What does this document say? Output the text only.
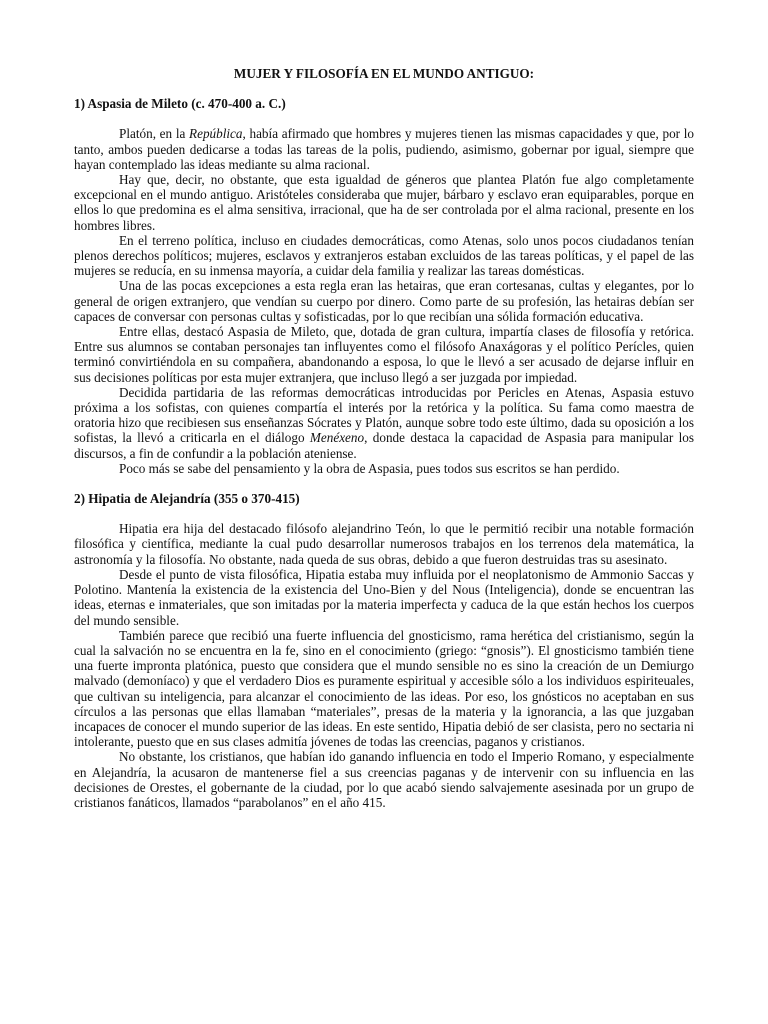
MUJER Y FILOSOFÍA EN EL MUNDO ANTIGUO:
1) Aspasia de Mileto (c. 470-400 a. C.)

Platón, en la República, había afirmado que hombres y mujeres tienen las mismas capacidades y que, por lo tanto, ambos pueden dedicarse a todas las tareas de la polis, pudiendo, asimismo, gobernar por igual, siempre que hayan contemplado las ideas mediante su alma racional.

Hay que, decir, no obstante, que esta igualdad de géneros que plantea Platón fue algo completamente excepcional en el mundo antiguo. Aristóteles consideraba que mujer, bárbaro y esclavo eran equiparables, porque en ellos lo que predomina es el alma sensitiva, irracional, que ha de ser controlada por el alma racional, presente en los hombres libres.

En el terreno política, incluso en ciudades democráticas, como Atenas, solo unos pocos ciudadanos tenían plenos derechos políticos; mujeres, esclavos y extranjeros estaban excluidos de las tareas políticas, y el papel de las mujeres se reducía, en su inmensa mayoría, a cuidar dela familia y realizar las tareas domésticas.

Una de las pocas excepciones a esta regla eran las hetairas, que eran cortesanas, cultas y elegantes, por lo general de origen extranjero, que vendían su cuerpo por dinero. Como parte de su profesión, las hetairas debían ser capaces de conversar con personas cultas y sofisticadas, por lo que recibían una sólida formación educativa.

Entre ellas, destacó Aspasia de Mileto, que, dotada de gran cultura, impartía clases de filosofía y retórica. Entre sus alumnos se contaban personajes tan influyentes como el filósofo Anaxágoras y el político Perícles, quien terminó convirtiéndola en su compañera, abandonando a esposa, lo que le llevó a ser acusado de dejarse influir en sus decisiones políticas por esta mujer extranjera, que incluso llegó a ser juzgada por impiedad.

Decidida partidaria de las reformas democráticas introducidas por Pericles en Atenas, Aspasia estuvo próxima a los sofistas, con quienes compartía el interés por la retórica y la política. Su fama como maestra de oratoria hizo que recibiesen sus enseñanzas Sócrates y Platón, aunque sobre todo este último, dada su oposición a los sofistas, la llevó a criticarla en el diálogo Menéxeno, donde destaca la capacidad de Aspasia para manipular los discursos, a fin de confundir a la población ateniense.

Poco más se sabe del pensamiento y la obra de Aspasia, pues todos sus escritos se han perdido.

2) Hipatia de Alejandría (355 o 370-415)

Hipatia era hija del destacado filósofo alejandrino Teón, lo que le permitió recibir una notable formación filosófica y científica, mediante la cual pudo desarrollar numerosos trabajos en los terrenos dela matemática, la astronomía y la filosofía. No obstante, nada queda de sus obras, debido a que fueron destruidas tras su asesinato.

Desde el punto de vista filosófica, Hipatia estaba muy influida por el neoplatonismo de Ammonio Saccas y Polotino. Mantenía la existencia de la existencia del Uno-Bien y del Nous (Inteligencia), donde se encuentran las ideas, eternas e inmateriales, que son imitadas por la materia imperfecta y caduca de la que están hechos los cuerpos del mundo sensible.

También parece que recibió una fuerte influencia del gnosticismo, rama herética del cristianismo, según la cual la salvación no se encuentra en la fe, sino en el conocimiento (griego: “gnosis”). El gnosticismo también tiene una fuerte impronta platónica, puesto que considera que el mundo sensible no es sino la creación de un Demiurgo malvado (demoníaco) y que el verdadero Dios es puramente espiritual y accesible sólo a los individuos espiriteuales, que cultivan su inteligencia, para alcanzar el conocimiento de las ideas. Por eso, los gnósticos no aceptaban en sus círculos a las personas que ellas llamaban “materiales”, presas de la materia y la ignorancia, a las que juzgaban incapaces de conocer el mundo superior de las ideas. En este sentido, Hipatia debió de ser clasista, pero no sectaria ni intolerante, puesto que en sus clases admitía jóvenes de todas las creencias, paganos y cristianos.

No obstante, los cristianos, que habían ido ganando influencia en todo el Imperio Romano, y especialmente en Alejandría, la acusaron de mantenerse fiel a sus creencias paganas y de intervenir con su influencia en las decisiones de Orestes, el gobernante de la ciudad, por lo que acabó siendo salvajemente asesinada por un grupo de cristianos fanáticos, llamados “parabolanos” en el año 415.
